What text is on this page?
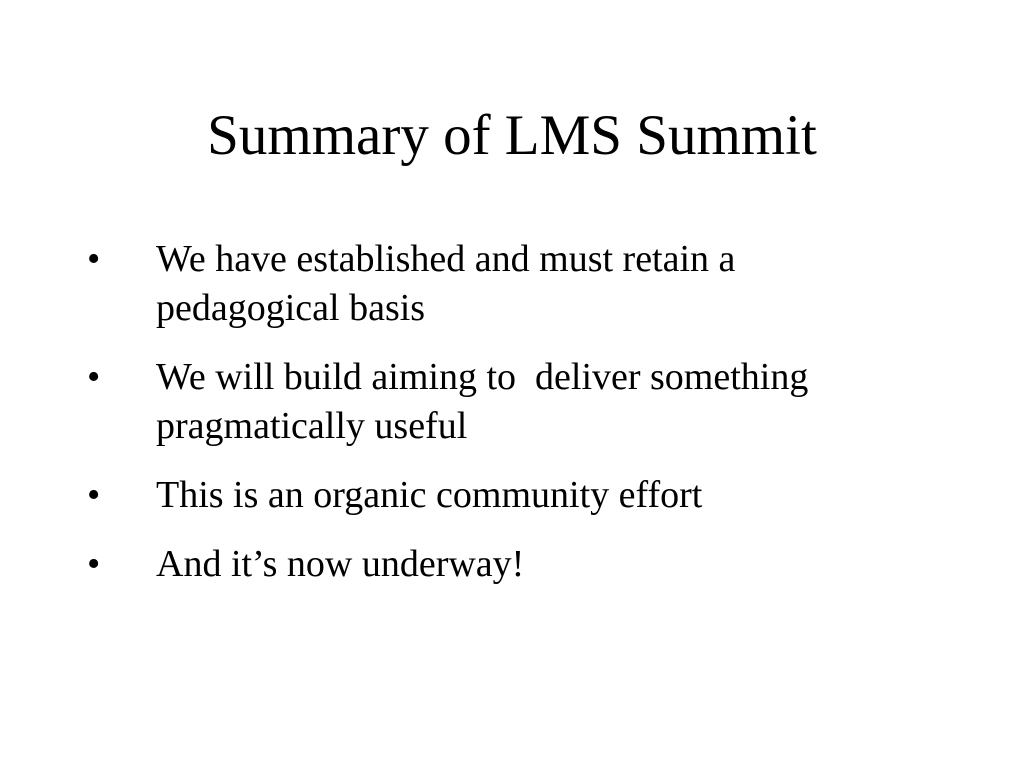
Summary of LMS Summit
•	We have established and must retain a
pedagogical basis
•	We will build aiming to  deliver something
pragmatically useful
•	This is an organic community effort
•	And it’s now underway!
